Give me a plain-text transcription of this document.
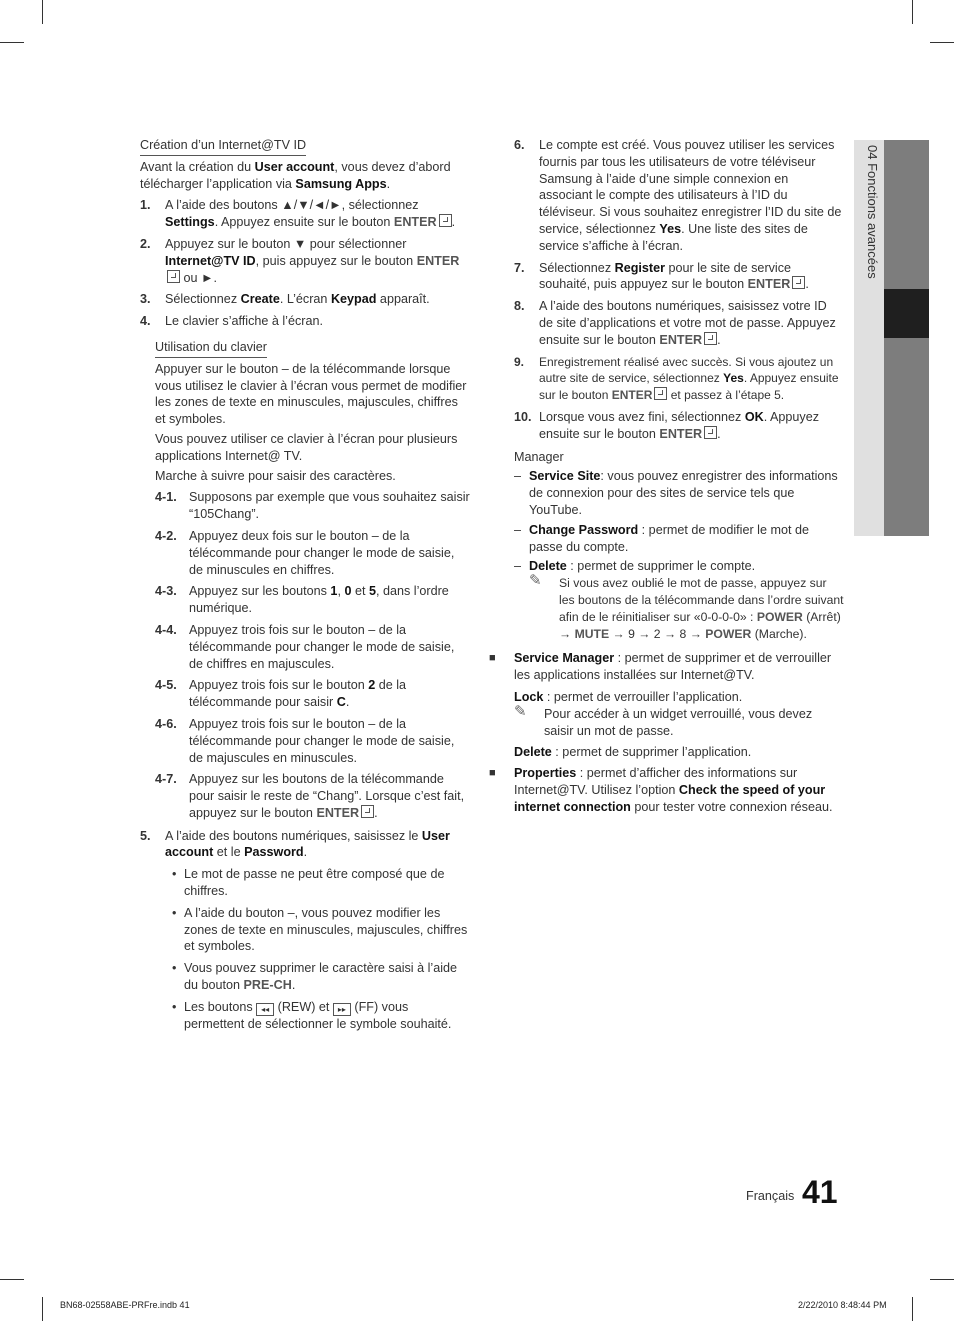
04 Fonctions avancées
Création d’un Internet@TV ID

Avant la création du User account, vous devez d’abord télécharger l’application via Samsung Apps.

1. A l’aide des boutons ▲/▼/◄/►, sélectionnez Settings. Appuyez ensuite sur le bouton ENTER .
2. Appuyez sur le bouton ▼ pour sélectionner Internet@TV ID, puis appuyez sur le bouton ENTER ou ►.
3. Sélectionnez Create. L’écran Keypad apparaît.
4. Le clavier s’affiche à l’écran.
Utilisation du clavier

Appuyer sur le bouton – de la télécommande lorsque vous utilisez le clavier à l’écran vous permet de modifier les zones de texte en minuscules, majuscules, chiffres et symboles.

Vous pouvez utiliser ce clavier à l’écran pour plusieurs applications Internet@ TV.

Marche à suivre pour saisir des caractères.

4-1. Supposons par exemple que vous souhaitez saisir “105Chang”.
4-2. Appuyez deux fois sur le bouton – de la télécommande pour changer le mode de saisie, de minuscules en chiffres.
4-3. Appuyez sur les boutons 1, 0 et 5, dans l’ordre numérique.
4-4. Appuyez trois fois sur le bouton – de la télécommande pour changer le mode de saisie, de chiffres en majuscules.
4-5. Appuyez trois fois sur le bouton 2 de la télécommande pour saisir C.
4-6. Appuyez trois fois sur le bouton – de la télécommande pour changer le mode de saisie, de majuscules en minuscules.
4-7. Appuyez sur les boutons de la télécommande pour saisir le reste de “Chang”. Lorsque c’est fait, appuyez sur le bouton ENTER .
5. A l’aide des boutons numériques, saisissez le User account et le Password.
• Le mot de passe ne peut être composé que de chiffres.
• A l’aide du bouton –, vous pouvez modifier les zones de texte en minuscules, majuscules, chiffres et symboles.
• Vous pouvez supprimer le caractère saisi à l’aide du bouton PRE-CH.
• Les boutons ◂◂ (REW) et ▸▸ (FF) vous permettent de sélectionner le symbole souhaité.
6. Le compte est créé. Vous pouvez utiliser les services fournis par tous les utilisateurs de votre téléviseur Samsung à l’aide d’une simple connexion en associant le compte des utilisateurs à l’ID du téléviseur. Si vous souhaitez enregistrer l’ID du site de service, sélectionnez Yes. Une liste des sites de service s’affiche à l’écran.
7. Sélectionnez Register pour le site de service souhaité, puis appuyez sur le bouton ENTER .
8. A l’aide des boutons numériques, saisissez votre ID de site d’applications et votre mot de passe. Appuyez ensuite sur le bouton ENTER .
9. Enregistrement réalisé avec succès. Si vous ajoutez un autre site de service, sélectionnez Yes. Appuyez ensuite sur le bouton ENTER et passez à l’étape 5.
10. Lorsque vous avez fini, sélectionnez OK. Appuyez ensuite sur le bouton ENTER .

Manager

– Service Site: vous pouvez enregistrer des informations de connexion pour des sites de service tels que YouTube.
– Change Password : permet de modifier le mot de passe du compte.
– Delete : permet de supprimer le compte.
✎ Si vous avez oublié le mot de passe, appuyez sur les boutons de la télécommande dans l’ordre suivant afin de le réinitialiser sur «0-0-0-0» : POWER (Arrêt) → MUTE → 9 → 2 → 8 → POWER (Marche).
■ Service Manager : permet de supprimer et de verrouiller les applications installées sur Internet@TV.

Lock : permet de verrouiller l’application.

✎ Pour accéder à un widget verrouillé, vous devez saisir un mot de passe.

Delete : permet de supprimer l’application.

■ Properties : permet d’afficher des informations sur Internet@TV. Utilisez l’option Check the speed of your internet connection pour tester votre connexion réseau.
Français 41
BN68-02558ABE-PRFre.indb 41	2/22/2010 8:48:44 PM
